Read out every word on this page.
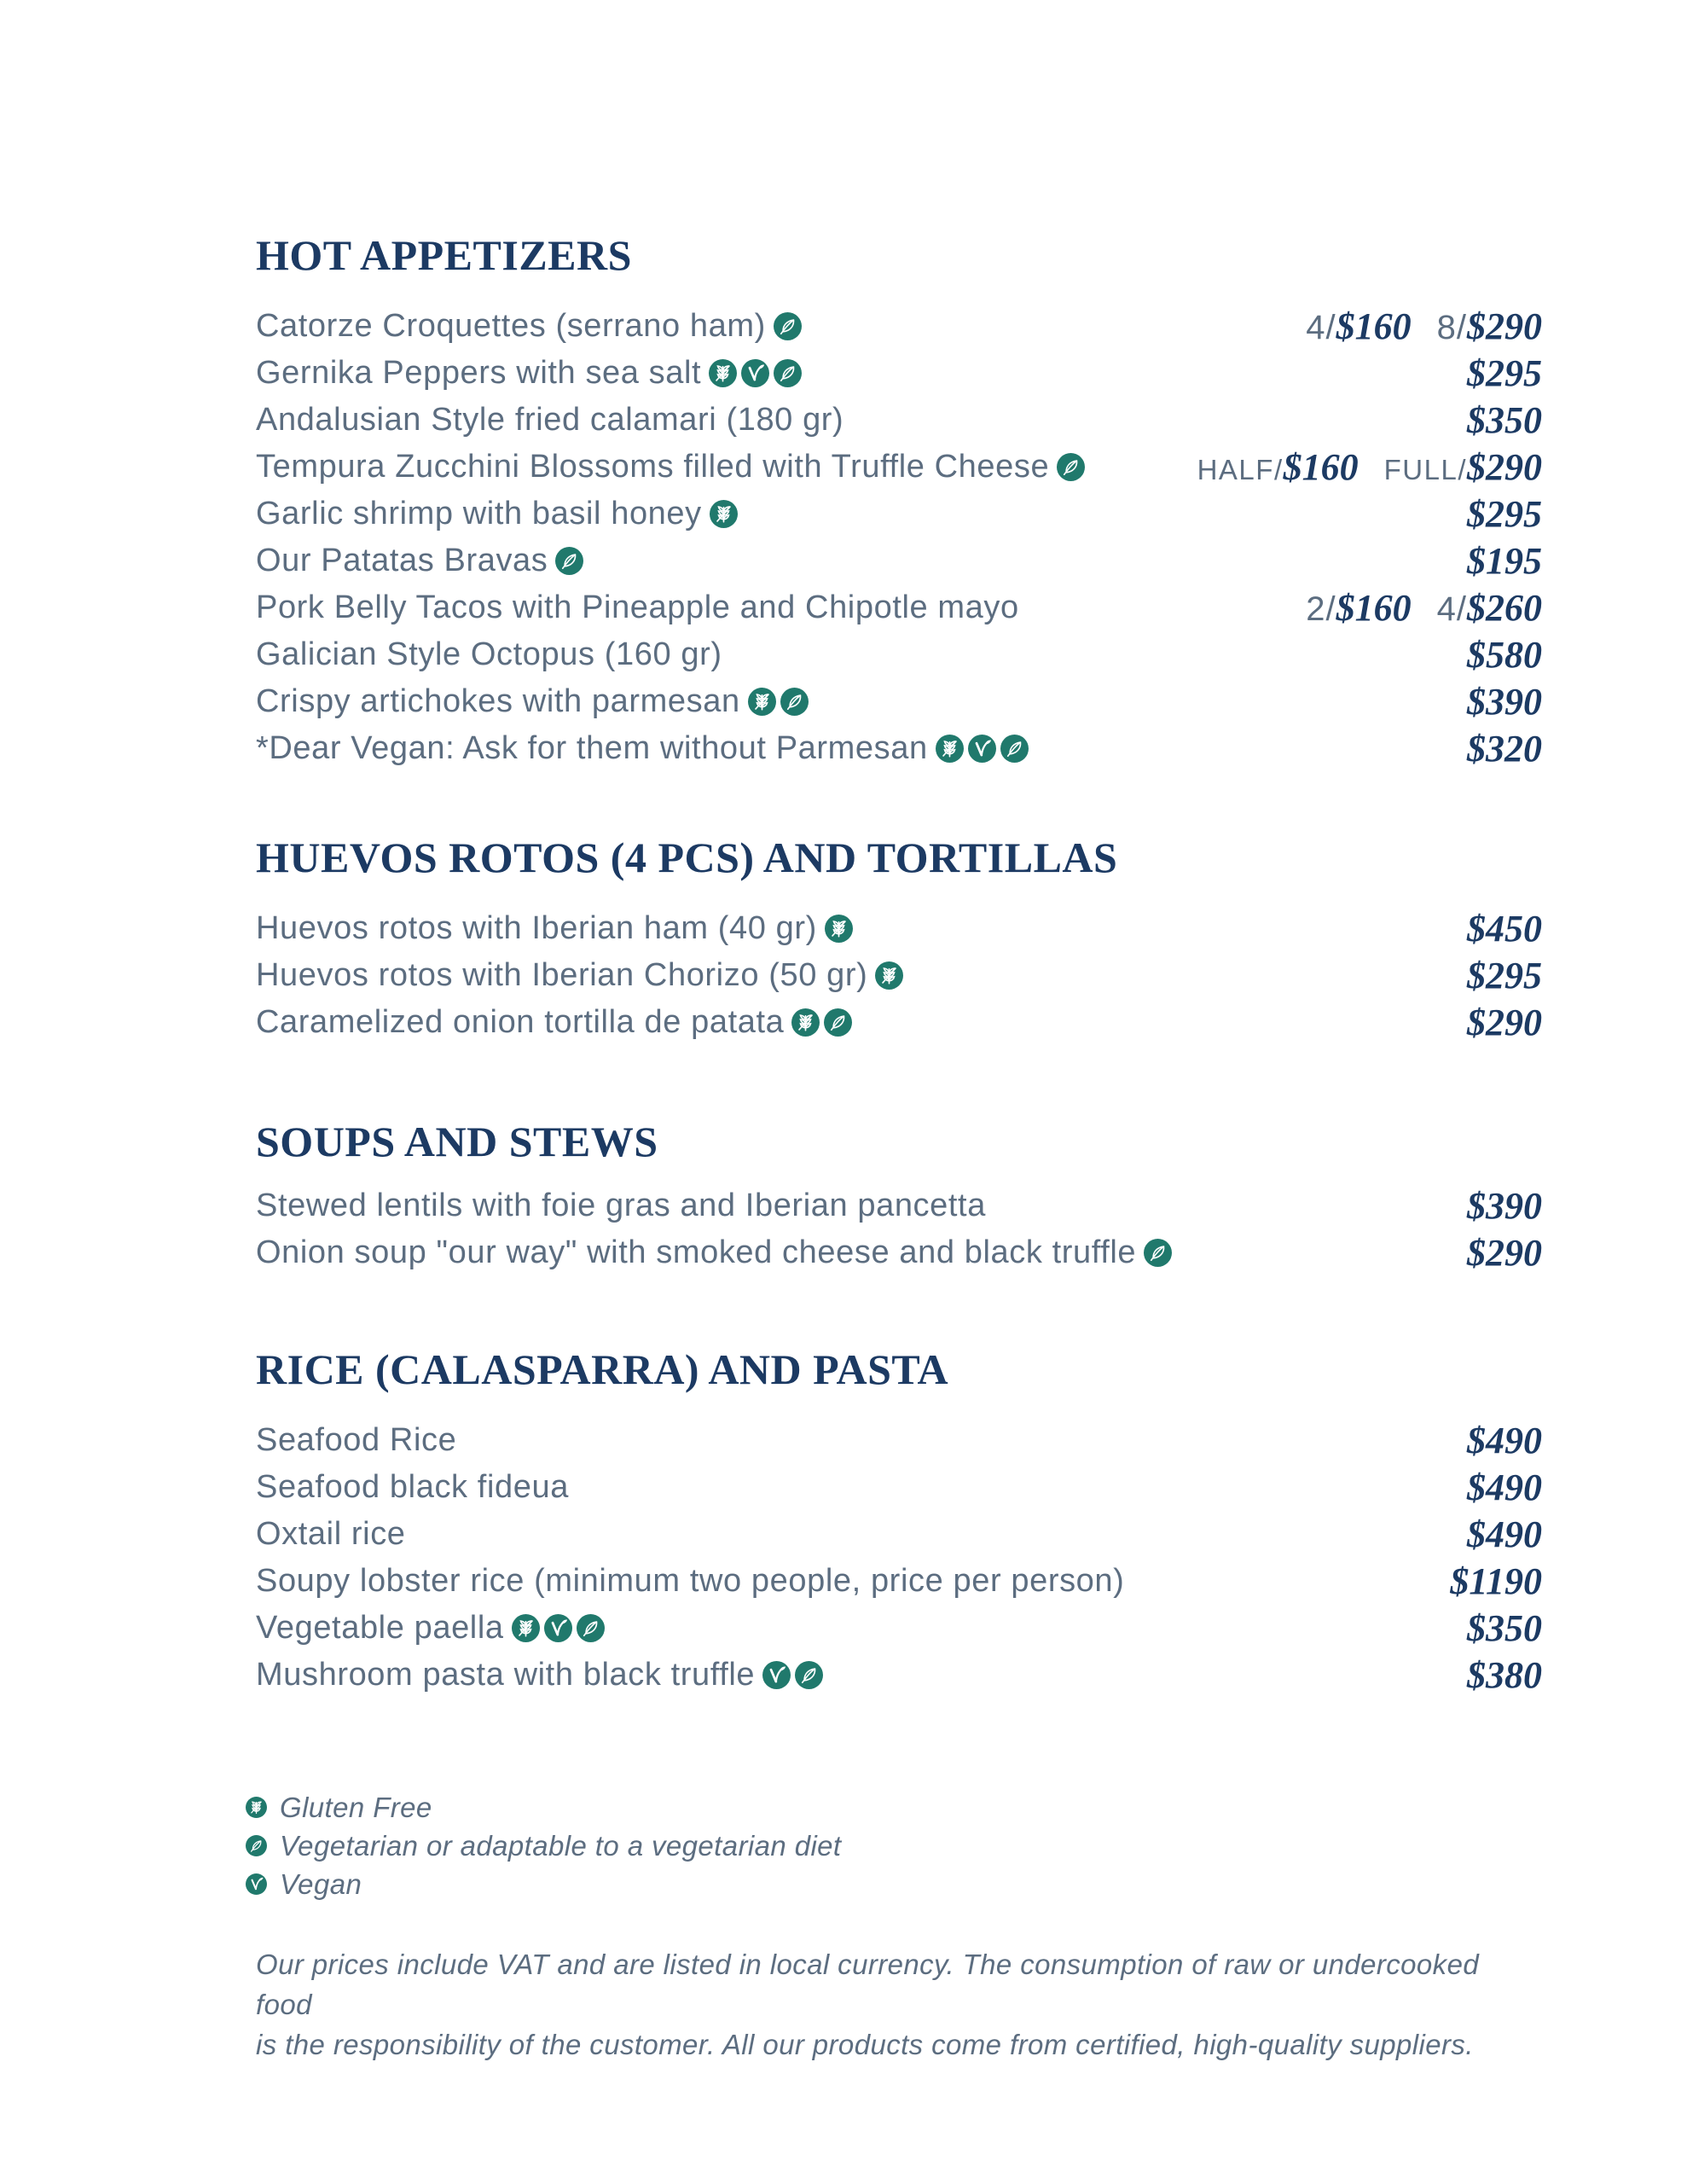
HOT APPETIZERS
Catorze Croquettes (serrano ham)	4/ $160 8/ $290
Gernika Peppers with sea salt	$295
Andalusian Style fried calamari (180 gr)	$350
Tempura Zucchini Blossoms filled with Truffle Cheese	HALF/ $160 FULL/ $290
Garlic shrimp with basil honey	$295
Our Patatas Bravas	$195
Pork Belly Tacos with Pineapple and Chipotle mayo	2/ $160 4/ $260
Galician Style Octopus (160 gr)	$580
Crispy artichokes with parmesan	$390
*Dear Vegan: Ask for them without Parmesan	$320
HUEVOS ROTOS (4 PCS) AND TORTILLAS
Huevos rotos with Iberian ham (40 gr)	$450
Huevos rotos with Iberian Chorizo (50 gr)	$295
Caramelized onion tortilla de patata	$290
SOUPS AND STEWS
Stewed lentils with foie gras and Iberian pancetta	$390
Onion soup "our way" with smoked cheese and black truffle	$290
RICE (CALASPARRA) AND PASTA
Seafood Rice	$490
Seafood black fideua	$490
Oxtail rice	$490
Soupy lobster rice (minimum two people, price per person)	$1190
Vegetable paella	$350
Mushroom pasta with black truffle	$380
Gluten Free
Vegetarian or adaptable to a vegetarian diet
Vegan
Our prices include VAT and are listed in local currency. The consumption of raw or undercooked food
is the responsibility of the customer. All our products come from certified, high-quality suppliers.
